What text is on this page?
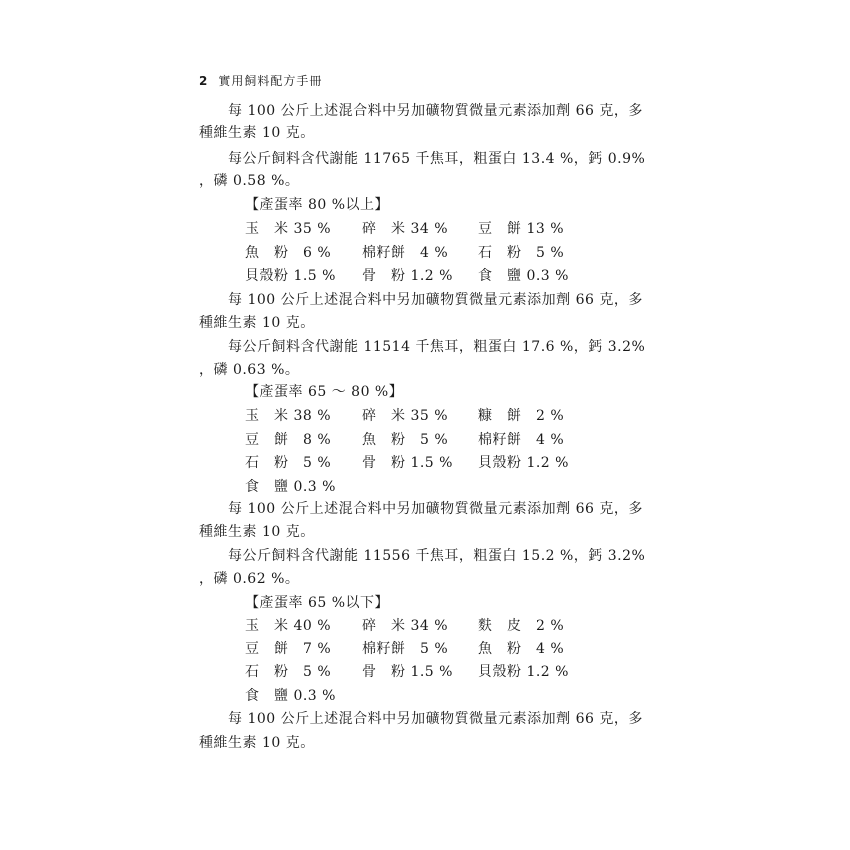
2 實用飼料配方手冊
每 100 公斤上述混合料中另加礦物質微量元素添加劑 66 克，多
種維生素 10 克。
每公斤飼料含代謝能 11765 千焦耳，粗蛋白 13.4 %，鈣 0.9%
，磷 0.58 %。
【產蛋率 80 %以上】
玉　米 35 % 碎　米 34 % 豆　餅 13 %
魚　粉　6 % 棉籽餅　4 % 石　粉　5 %
貝殼粉 1.5 % 骨　粉 1.2 % 食　鹽 0.3 %
每 100 公斤上述混合料中另加礦物質微量元素添加劑 66 克，多
種維生素 10 克。
每公斤飼料含代謝能 11514 千焦耳，粗蛋白 17.6 %，鈣 3.2%
，磷 0.63 %。
【產蛋率 65 ～ 80 %】
玉　米 38 % 碎　米 35 % 糠　餅　2 %
豆　餅　8 % 魚　粉　5 % 棉籽餅　4 %
石　粉　5 % 骨　粉 1.5 % 貝殼粉 1.2 %
食　鹽 0.3 %
每 100 公斤上述混合料中另加礦物質微量元素添加劑 66 克，多
種維生素 10 克。
每公斤飼料含代謝能 11556 千焦耳，粗蛋白 15.2 %，鈣 3.2%
，磷 0.62 %。
【產蛋率 65 %以下】
玉　米 40 % 碎　米 34 % 麩　皮　2 %
豆　餅　7 % 棉籽餅　5 % 魚　粉　4 %
石　粉　5 % 骨　粉 1.5 % 貝殼粉 1.2 %
食　鹽 0.3 %
每 100 公斤上述混合料中另加礦物質微量元素添加劑 66 克，多
種維生素 10 克。
